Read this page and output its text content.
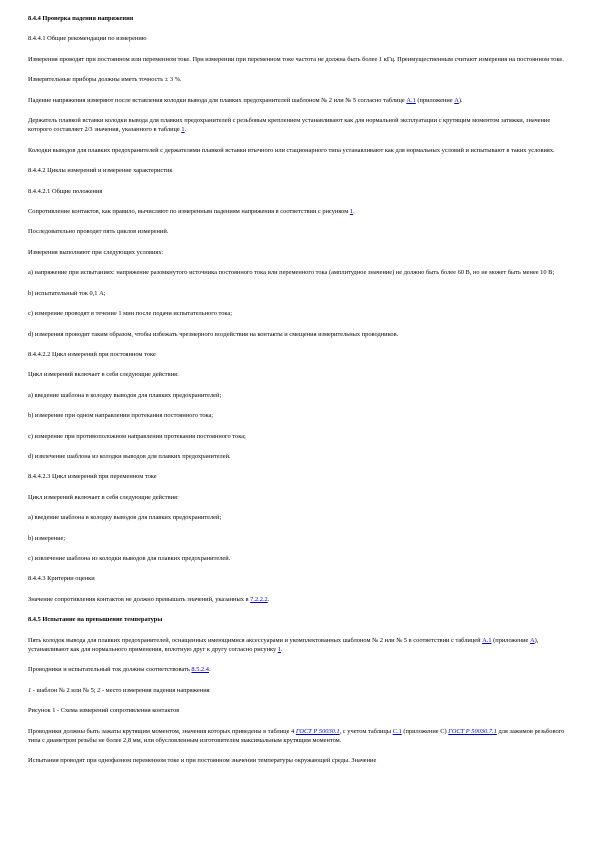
8.4.4 Проверка падения напряжения

8.4.4.1 Общие рекомендации по измерению

Измерения проводят при постоянном или переменном токе. При измерении при переменном токе частота не должна быть более 1 кГц. Преимущественным считают измерения на постоянном токе.

Измерительные приборы должны иметь точность ± 3 %.

Падение напряжения измеряют после вставления колодки вывода для плавких предохранителей шаблоном № 2 или № 5 согласно таблице А.1 (приложение А).

Держатель плавкой вставки колодки вывода для плавких предохранителей с резьбовым креплением устанавливают как для нормальной эксплуатации с крутящим моментом затяжки, значение которого составляет 2/3 значения, указанного в таблице 1.

Колодки выводов для плавких предохранителей с держателями плавкой вставки втычного или стационарного типа устанавливают как для нормальных условий и испытывают в таких условиях.

8.4.4.2 Циклы измерений и измерение характеристик

8.4.4.2.1 Общие положения

Сопротивление контактов, как правило, вычисляют по измеренным падениям напряжения в соответствии с рисунком 1.

Последовательно проводят пять циклов измерений.

Измерения выполняют при следующих условиях:

а) напряжение при испытаниях: напряжение разомкнутого источника постоянного тока или переменного тока (амплитудное значение) не должно быть более 60 В, но не может быть менее 10 В;

b) испытательный ток 0,1 А;

с) измерение проводят в течение 1 мин после подачи испытательного тока;

d) измерения проводят таким образом, чтобы избежать чрезмерного воздействия на контакты и смещения измерительных проводников.

8.4.4.2.2 Цикл измерений при постоянном токе

Цикл измерений включает в себя следующие действия:

а) введение шаблона в колодку выводов для плавких предохранителей;

b) измерение при одном направлении протекания постоянного тока;

с) измерение при противоположном направлении протекания постоянного тока;

d) извлечение шаблона из колодки выводов для плавких предохранителей.

8.4.4.2.3 Цикл измерений при переменном токе

Цикл измерений включает в себя следующие действия:

а) введение шаблона в колодку выводов для плавких предохранителей;

b) измерение;

с) извлечение шаблона из колодки выводов для плавких предохранителей.

8.4.4.3 Критерии оценки

Значение сопротивления контактов не должно превышать значений, указанных в 7.2.2.2.

8.4.5 Испытание на превышение температуры

Пять колодок вывода для плавких предохранителей, оснащенных имеющимися аксессуарами и укомплектованных шаблоном № 2 или № 5 в соответствии с таблицей А.1 (приложение А), устанавливают как для нормального применения, вплотную друг к другу согласно рисунку 1.

Проводники и испытательный ток должны соответствовать 8.5.2.4.

1 - шаблон № 2 или № 5; 2 - место измерения падения напряжения

Рисунок 1 - Схема измерений сопротивления контактов

Проводники должны быть зажаты крутящим моментом, значения которых приведены в таблице 4 ГОСТ Р 50030.1, с учетом таблицы С.1 (приложение С) ГОСТ Р 50030.7.1 для зажимов резьбового типа с диаметром резьбы не более 2,8 мм, или обусловленным изготовителем максимальным крутящим моментом.

Испытания проводят при однофазном переменном токе и при постоянном значении температуры окружающей среды. Значение
